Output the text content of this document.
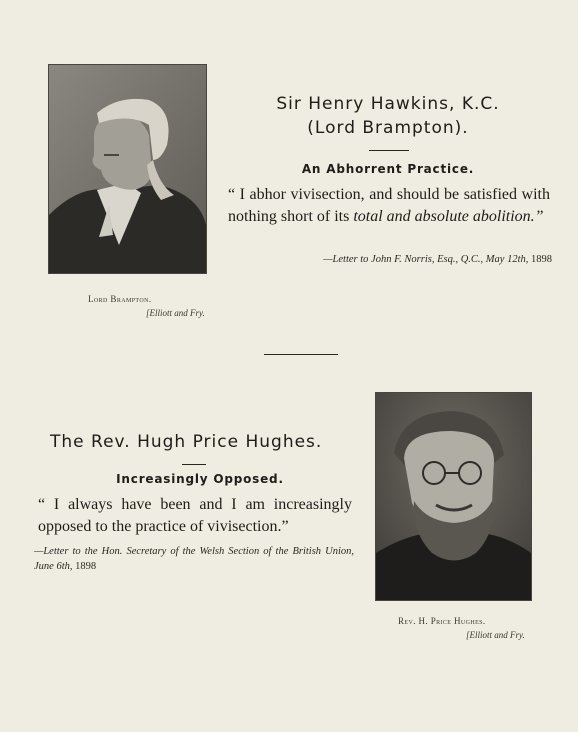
Lord Brampton.
[Elliott and Fry.
Sir Henry Hawkins, K.C.
(Lord Brampton).
An Abhorrent Practice.
“ I abhor vivisection, and should be satisfied with nothing short of its total and absolute abolition.”
—Letter to John F. Norris, Esq., Q.C., May 12th, 1898
Rev. H. Price Hughes.
[Elliott and Fry.
The Rev. Hugh Price Hughes.
Increasingly Opposed.
“ I always have been and I am increasingly opposed to the practice of vivisection.”
—Letter to the Hon. Secretary of the Welsh Section of the British Union, June 6th, 1898
